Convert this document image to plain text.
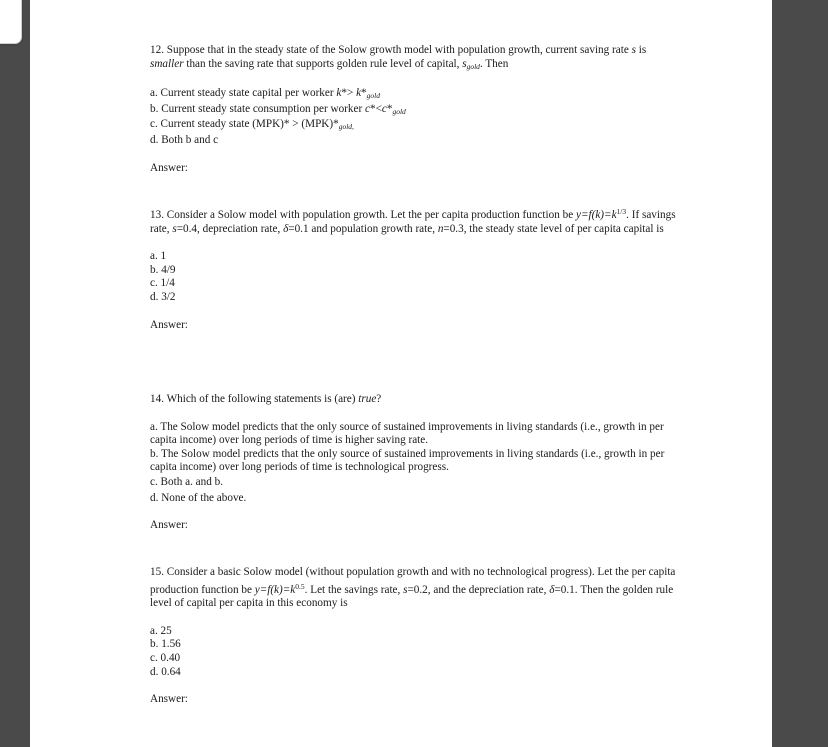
12. Suppose that in the steady state of the Solow growth model with population growth, current saving rate s is smaller than the saving rate that supports golden rule level of capital, $s_{gold}$. Then

a. Current steady state capital per worker $k*> k*_{gold}$
b. Current steady state consumption per worker $c*<c*_{gold}$
c. Current steady state $(MPK)* > (MPK)*_{gold,}$
d. Both b and c
Answer:

13. Consider a Solow model with population growth. Let the per capita production function be $y=f(k)=k^{1/3}$. If savings rate, s=0.4, depreciation rate, δ=0.1 and population growth rate, n=0.3, the steady state level of per capita capital is

a. 1
b. 4/9
c. 1/4
d. 3/2
Answer:

14. Which of the following statements is (are) true?

a. The Solow model predicts that the only source of sustained improvements in living standards (i.e., growth in per capita income) over long periods of time is higher saving rate.
b. The Solow model predicts that the only source of sustained improvements in living standards (i.e., growth in per capita income) over long periods of time is technological progress.
c. Both a. and b.
d. None of the above.
Answer:

15. Consider a basic Solow model (without population growth and with no technological progress). Let the per capita production function be $y=f(k)=k^{0.5}$. Let the savings rate, s=0.2, and the depreciation rate, δ=0.1. Then the golden rule level of capital per capita in this economy is

a. 25
b. 1.56
c. 0.40
d. 0.64
Answer:
